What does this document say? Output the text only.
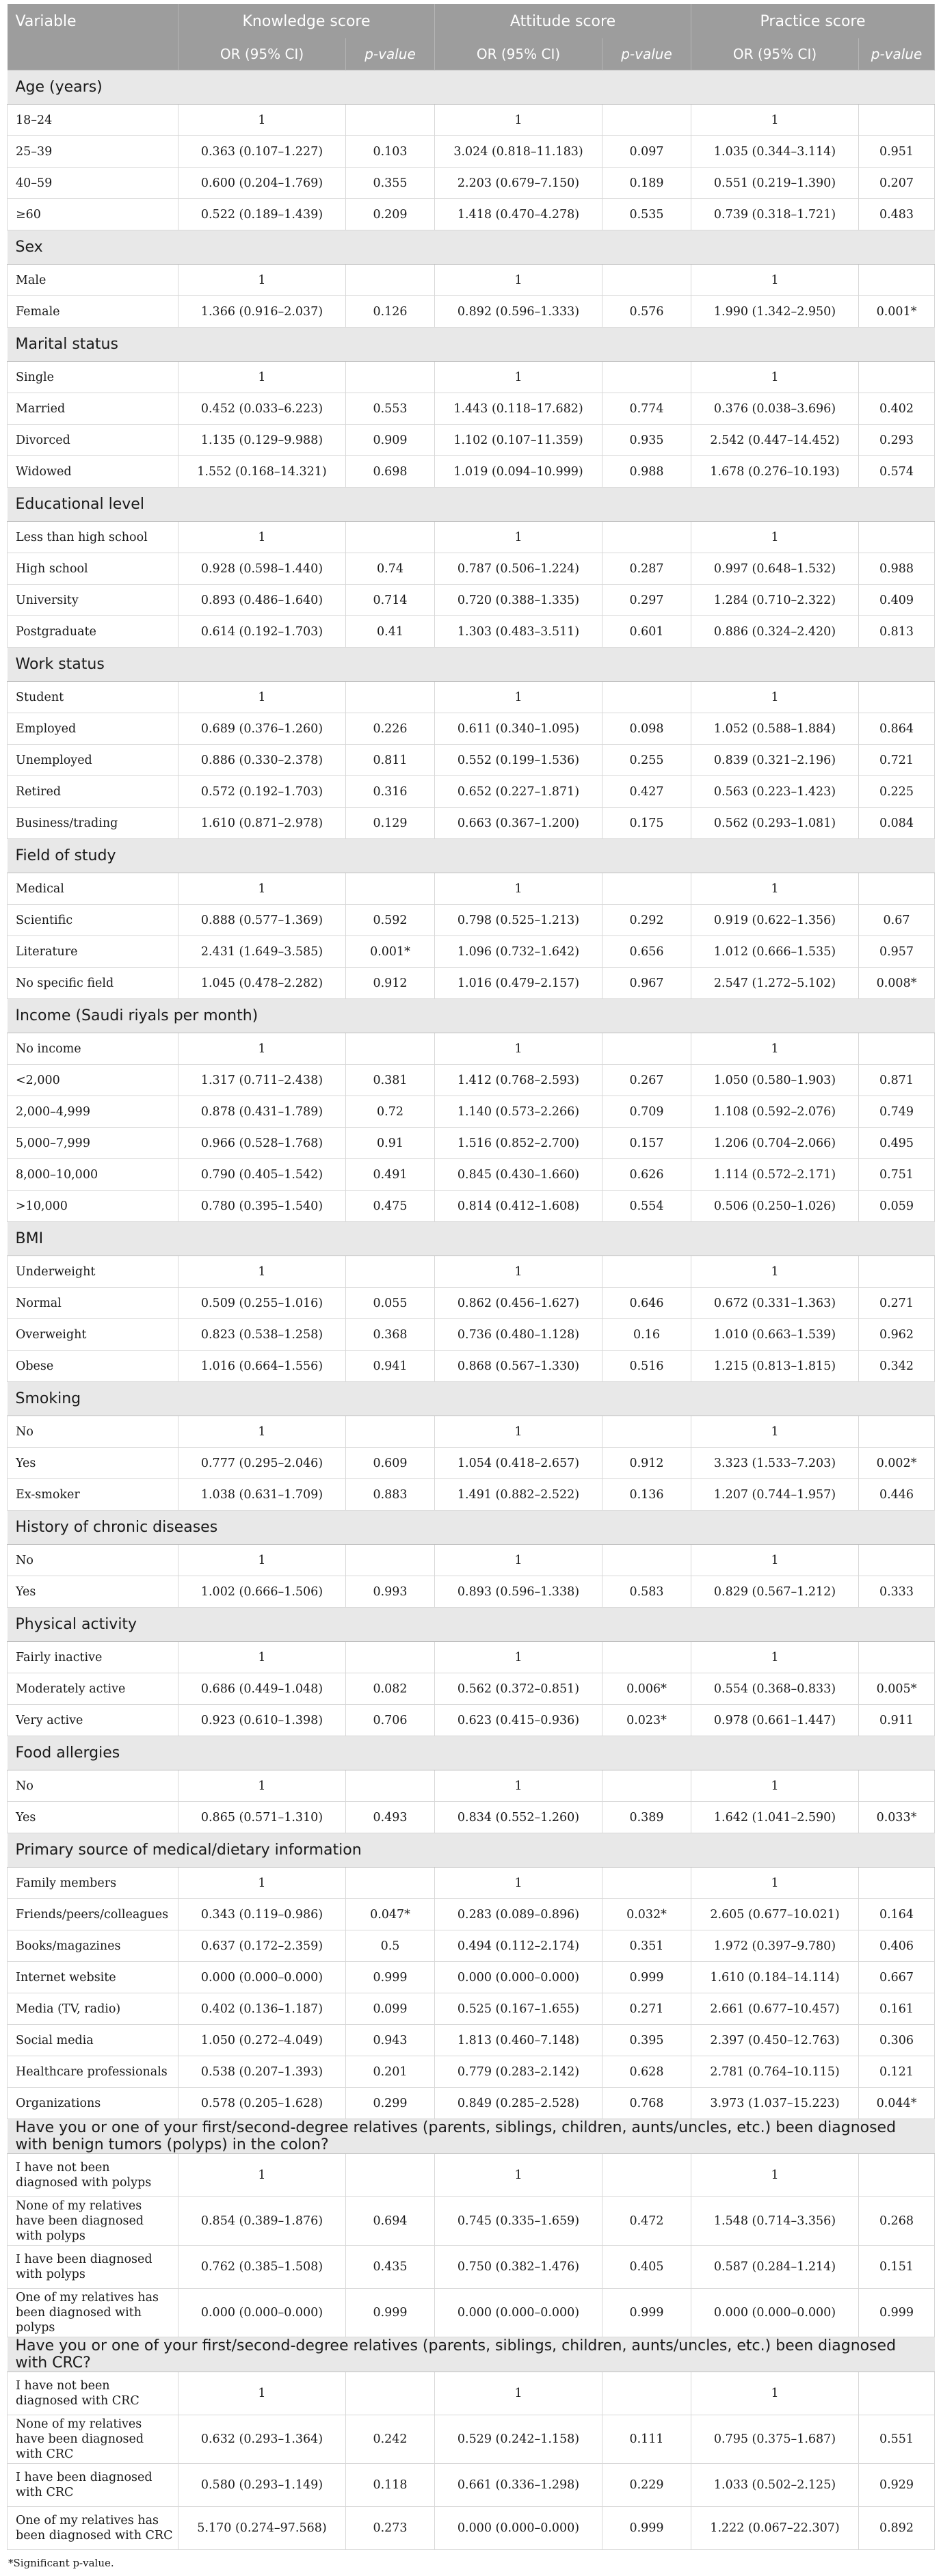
Variable	Knowledge score		Attitude score		Practice score	
	OR (95% CI)	p-value	OR (95% CI)	p-value	OR (95% CI)	p-value
Age (years)						
18–24	1		1		1	
25–39	0.363 (0.107–1.227)	0.103	3.024 (0.818–11.183)	0.097	1.035 (0.344–3.114)	0.951
40–59	0.600 (0.204–1.769)	0.355	2.203 (0.679–7.150)	0.189	0.551 (0.219–1.390)	0.207
≥60	0.522 (0.189–1.439)	0.209	1.418 (0.470–4.278)	0.535	0.739 (0.318–1.721)	0.483
Sex						
Male	1		1		1	
Female	1.366 (0.916–2.037)	0.126	0.892 (0.596–1.333)	0.576	1.990 (1.342–2.950)	0.001*
Marital status						
Single	1		1		1	
Married	0.452 (0.033–6.223)	0.553	1.443 (0.118–17.682)	0.774	0.376 (0.038–3.696)	0.402
Divorced	1.135 (0.129–9.988)	0.909	1.102 (0.107–11.359)	0.935	2.542 (0.447–14.452)	0.293
Widowed	1.552 (0.168–14.321)	0.698	1.019 (0.094–10.999)	0.988	1.678 (0.276–10.193)	0.574
Educational level						
Less than high school	1		1		1	
High school	0.928 (0.598–1.440)	0.74	0.787 (0.506–1.224)	0.287	0.997 (0.648–1.532)	0.988
University	0.893 (0.486–1.640)	0.714	0.720 (0.388–1.335)	0.297	1.284 (0.710–2.322)	0.409
Postgraduate	0.614 (0.192–1.703)	0.41	1.303 (0.483–3.511)	0.601	0.886 (0.324–2.420)	0.813
Work status						
Student	1		1		1	
Employed	0.689 (0.376–1.260)	0.226	0.611 (0.340–1.095)	0.098	1.052 (0.588–1.884)	0.864
Unemployed	0.886 (0.330–2.378)	0.811	0.552 (0.199–1.536)	0.255	0.839 (0.321–2.196)	0.721
Retired	0.572 (0.192–1.703)	0.316	0.652 (0.227–1.871)	0.427	0.563 (0.223–1.423)	0.225
Business/trading	1.610 (0.871–2.978)	0.129	0.663 (0.367–1.200)	0.175	0.562 (0.293–1.081)	0.084
Field of study						
Medical	1		1		1	
Scientific	0.888 (0.577–1.369)	0.592	0.798 (0.525–1.213)	0.292	0.919 (0.622–1.356)	0.67
Literature	2.431 (1.649–3.585)	0.001*	1.096 (0.732–1.642)	0.656	1.012 (0.666–1.535)	0.957
No specific field	1.045 (0.478–2.282)	0.912	1.016 (0.479–2.157)	0.967	2.547 (1.272–5.102)	0.008*
Income (Saudi riyals per month)						
No income	1		1		1	
<2,000	1.317 (0.711–2.438)	0.381	1.412 (0.768–2.593)	0.267	1.050 (0.580–1.903)	0.871
2,000–4,999	0.878 (0.431–1.789)	0.72	1.140 (0.573–2.266)	0.709	1.108 (0.592–2.076)	0.749
5,000–7,999	0.966 (0.528–1.768)	0.91	1.516 (0.852–2.700)	0.157	1.206 (0.704–2.066)	0.495
8,000–10,000	0.790 (0.405–1.542)	0.491	0.845 (0.430–1.660)	0.626	1.114 (0.572–2.171)	0.751
>10,000	0.780 (0.395–1.540)	0.475	0.814 (0.412–1.608)	0.554	0.506 (0.250–1.026)	0.059
BMI						
Underweight	1		1		1	
Normal	0.509 (0.255–1.016)	0.055	0.862 (0.456–1.627)	0.646	0.672 (0.331–1.363)	0.271
Overweight	0.823 (0.538–1.258)	0.368	0.736 (0.480–1.128)	0.16	1.010 (0.663–1.539)	0.962
Obese	1.016 (0.664–1.556)	0.941	0.868 (0.567–1.330)	0.516	1.215 (0.813–1.815)	0.342
Smoking						
No	1		1		1	
Yes	0.777 (0.295–2.046)	0.609	1.054 (0.418–2.657)	0.912	3.323 (1.533–7.203)	0.002*
Ex-smoker	1.038 (0.631–1.709)	0.883	1.491 (0.882–2.522)	0.136	1.207 (0.744–1.957)	0.446
History of chronic diseases						
No	1		1		1	
Yes	1.002 (0.666–1.506)	0.993	0.893 (0.596–1.338)	0.583	0.829 (0.567–1.212)	0.333
Physical activity						
Fairly inactive	1		1		1	
Moderately active	0.686 (0.449–1.048)	0.082	0.562 (0.372–0.851)	0.006*	0.554 (0.368–0.833)	0.005*
Very active	0.923 (0.610–1.398)	0.706	0.623 (0.415–0.936)	0.023*	0.978 (0.661–1.447)	0.911
Food allergies						
No	1		1		1	
Yes	0.865 (0.571–1.310)	0.493	0.834 (0.552–1.260)	0.389	1.642 (1.041–2.590)	0.033*
Primary source of medical/dietary information						
Family members	1		1		1	
Friends/peers/colleagues	0.343 (0.119–0.986)	0.047*	0.283 (0.089–0.896)	0.032*	2.605 (0.677–10.021)	0.164
Books/magazines	0.637 (0.172–2.359)	0.5	0.494 (0.112–2.174)	0.351	1.972 (0.397–9.780)	0.406
Internet website	0.000 (0.000–0.000)	0.999	0.000 (0.000–0.000)	0.999	1.610 (0.184–14.114)	0.667
Media (TV, radio)	0.402 (0.136–1.187)	0.099	0.525 (0.167–1.655)	0.271	2.661 (0.677–10.457)	0.161
Social media	1.050 (0.272–4.049)	0.943	1.813 (0.460–7.148)	0.395	2.397 (0.450–12.763)	0.306
Healthcare professionals	0.538 (0.207–1.393)	0.201	0.779 (0.283–2.142)	0.628	2.781 (0.764–10.115)	0.121
Organizations	0.578 (0.205–1.628)	0.299	0.849 (0.285–2.528)	0.768	3.973 (1.037–15.223)	0.044*
Have you or one of your first/second-degree relatives (parents, siblings, children, aunts/uncles, etc.) been diagnosed with benign tumors (polyps) in the colon?						
I have not been diagnosed with polyps	1		1		1	
None of my relatives have been diagnosed with polyps	0.854 (0.389–1.876)	0.694	0.745 (0.335–1.659)	0.472	1.548 (0.714–3.356)	0.268
I have been diagnosed with polyps	0.762 (0.385–1.508)	0.435	0.750 (0.382–1.476)	0.405	0.587 (0.284–1.214)	0.151
One of my relatives has been diagnosed with polyps	0.000 (0.000–0.000)	0.999	0.000 (0.000–0.000)	0.999	0.000 (0.000–0.000)	0.999
Have you or one of your first/second-degree relatives (parents, siblings, children, aunts/uncles, etc.) been diagnosed with CRC?						
I have not been diagnosed with CRC	1		1		1	
None of my relatives have been diagnosed with CRC	0.632 (0.293–1.364)	0.242	0.529 (0.242–1.158)	0.111	0.795 (0.375–1.687)	0.551
I have been diagnosed with CRC	0.580 (0.293–1.149)	0.118	0.661 (0.336–1.298)	0.229	1.033 (0.502–2.125)	0.929
One of my relatives has been diagnosed with CRC	5.170 (0.274–97.568)	0.273	0.000 (0.000–0.000)	0.999	1.222 (0.067–22.307)	0.892
*Significant p-value.
